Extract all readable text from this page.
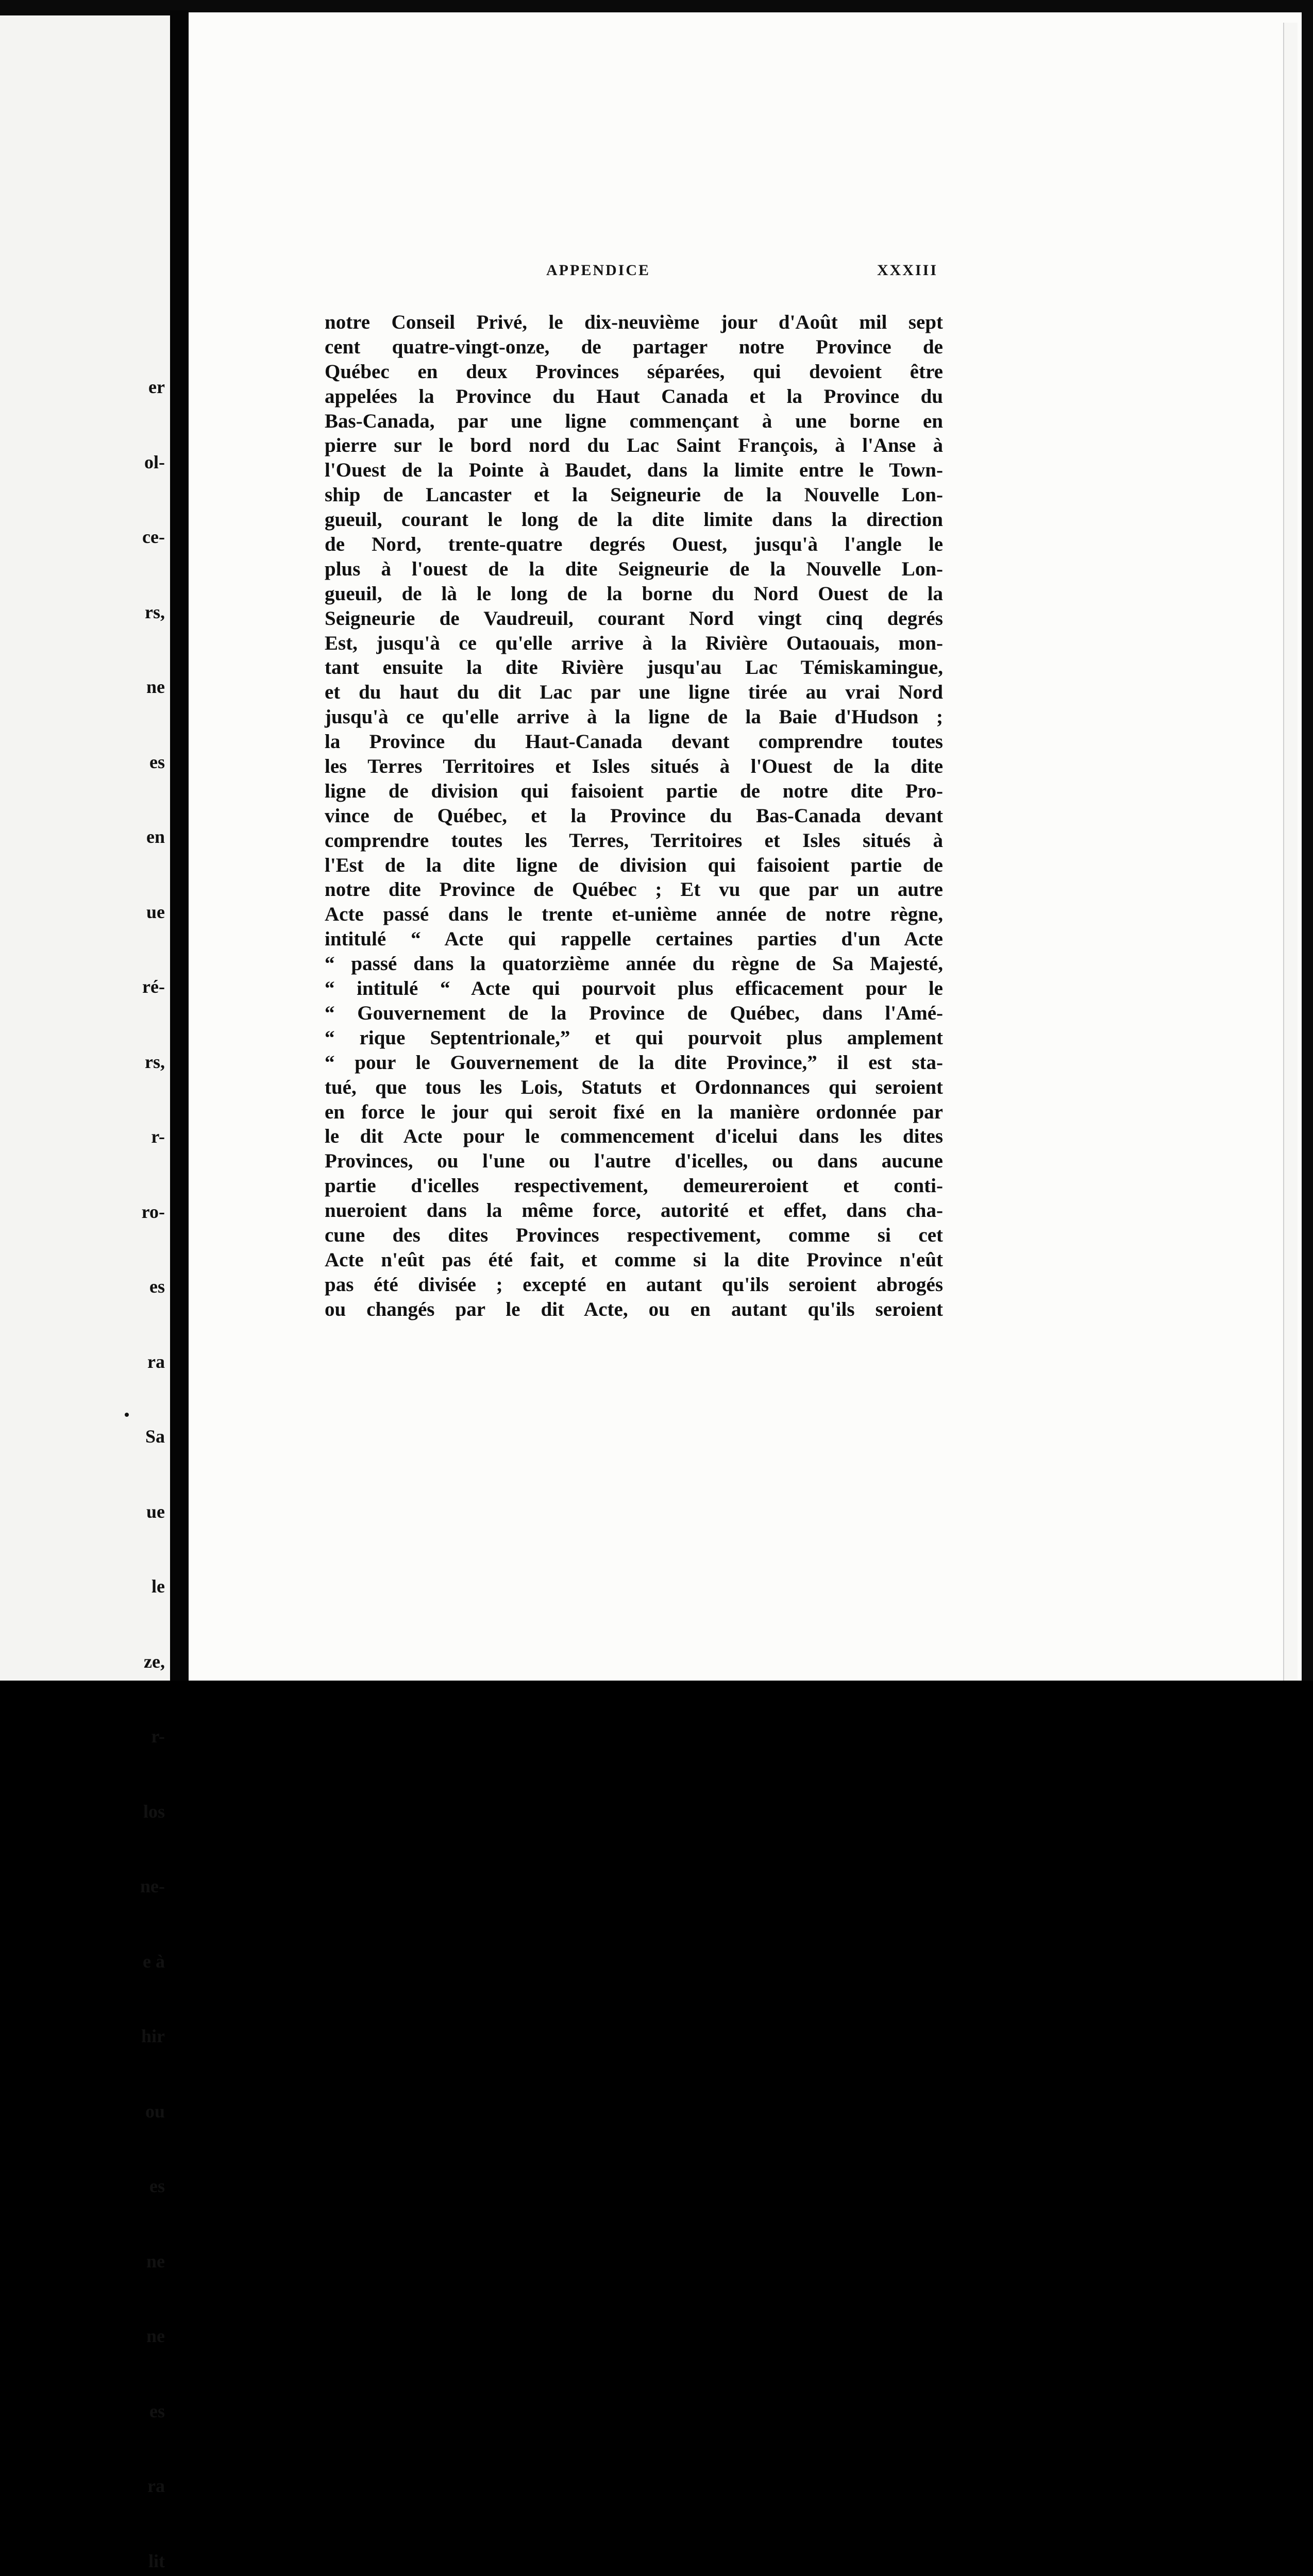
er

ol-

ce-

rs,

ne

es

en

ue

ré-

rs,

r-

ro-

es

ra

Sa

ue

le

ze,

r-

los

ne-

e à

hir

ou

es

ne

ne

es

ra

lit

APPENDICE	XXXIII
notre Conseil Privé, le dix-neuvième jour d'Août mil sept
cent quatre-vingt-onze, de partager notre Province de
Québec en deux Provinces séparées, qui devoient être
appelées la Province du Haut Canada et la Province du
Bas-Canada, par une ligne commençant à une borne en
pierre sur le bord nord du Lac Saint François, à l'Anse à
l'Ouest de la Pointe à Baudet, dans la limite entre le Town-
ship de Lancaster et la Seigneurie de la Nouvelle Lon-
gueuil, courant le long de la dite limite dans la direction
de Nord, trente-quatre degrés Ouest, jusqu'à l'angle le
plus à l'ouest de la dite Seigneurie de la Nouvelle Lon-
gueuil, de là le long de la borne du Nord Ouest de la
Seigneurie de Vaudreuil, courant Nord vingt cinq degrés
Est, jusqu'à ce qu'elle arrive à la Rivière Outaouais, mon-
tant ensuite la dite Rivière jusqu'au Lac Témiskamingue,
et du haut du dit Lac par une ligne tirée au vrai Nord
jusqu'à ce qu'elle arrive à la ligne de la Baie d'Hudson ;
la Province du Haut-Canada devant comprendre toutes
les Terres Territoires et Isles situés à l'Ouest de la dite
ligne de division qui faisoient partie de notre dite Pro-
vince de Québec, et la Province du Bas-Canada devant
comprendre toutes les Terres, Territoires et Isles situés à
l'Est de la dite ligne de division qui faisoient partie de
notre dite Province de Québec ; Et vu que par un autre
Acte passé dans le trente et-unième année de notre règne,
intitulé “ Acte qui rappelle certaines parties d'un Acte
“ passé dans la quatorzième année du règne de Sa Majesté,
“ intitulé “ Acte qui pourvoit plus efficacement pour le
“ Gouvernement de la Province de Québec, dans l'Amé-
“ rique Septentrionale,” et qui pourvoit plus amplement
“ pour le Gouvernement de la dite Province,” il est sta-
tué, que tous les Lois, Statuts et Ordonnances qui seroient
en force le jour qui seroit fixé en la manière ordonnée par
le dit Acte pour le commencement d'icelui dans les dites
Provinces, ou l'une ou l'autre d'icelles, ou dans aucune
partie d'icelles respectivement, demeureroient et conti-
nueroient dans la même force, autorité et effet, dans cha-
cune des dites Provinces respectivement, comme si cet
Acte n'eût pas été fait, et comme si la dite Province n'eût
pas été divisée ; excepté en autant qu'ils seroient abrogés
ou changés par le dit Acte, ou en autant qu'ils seroient
